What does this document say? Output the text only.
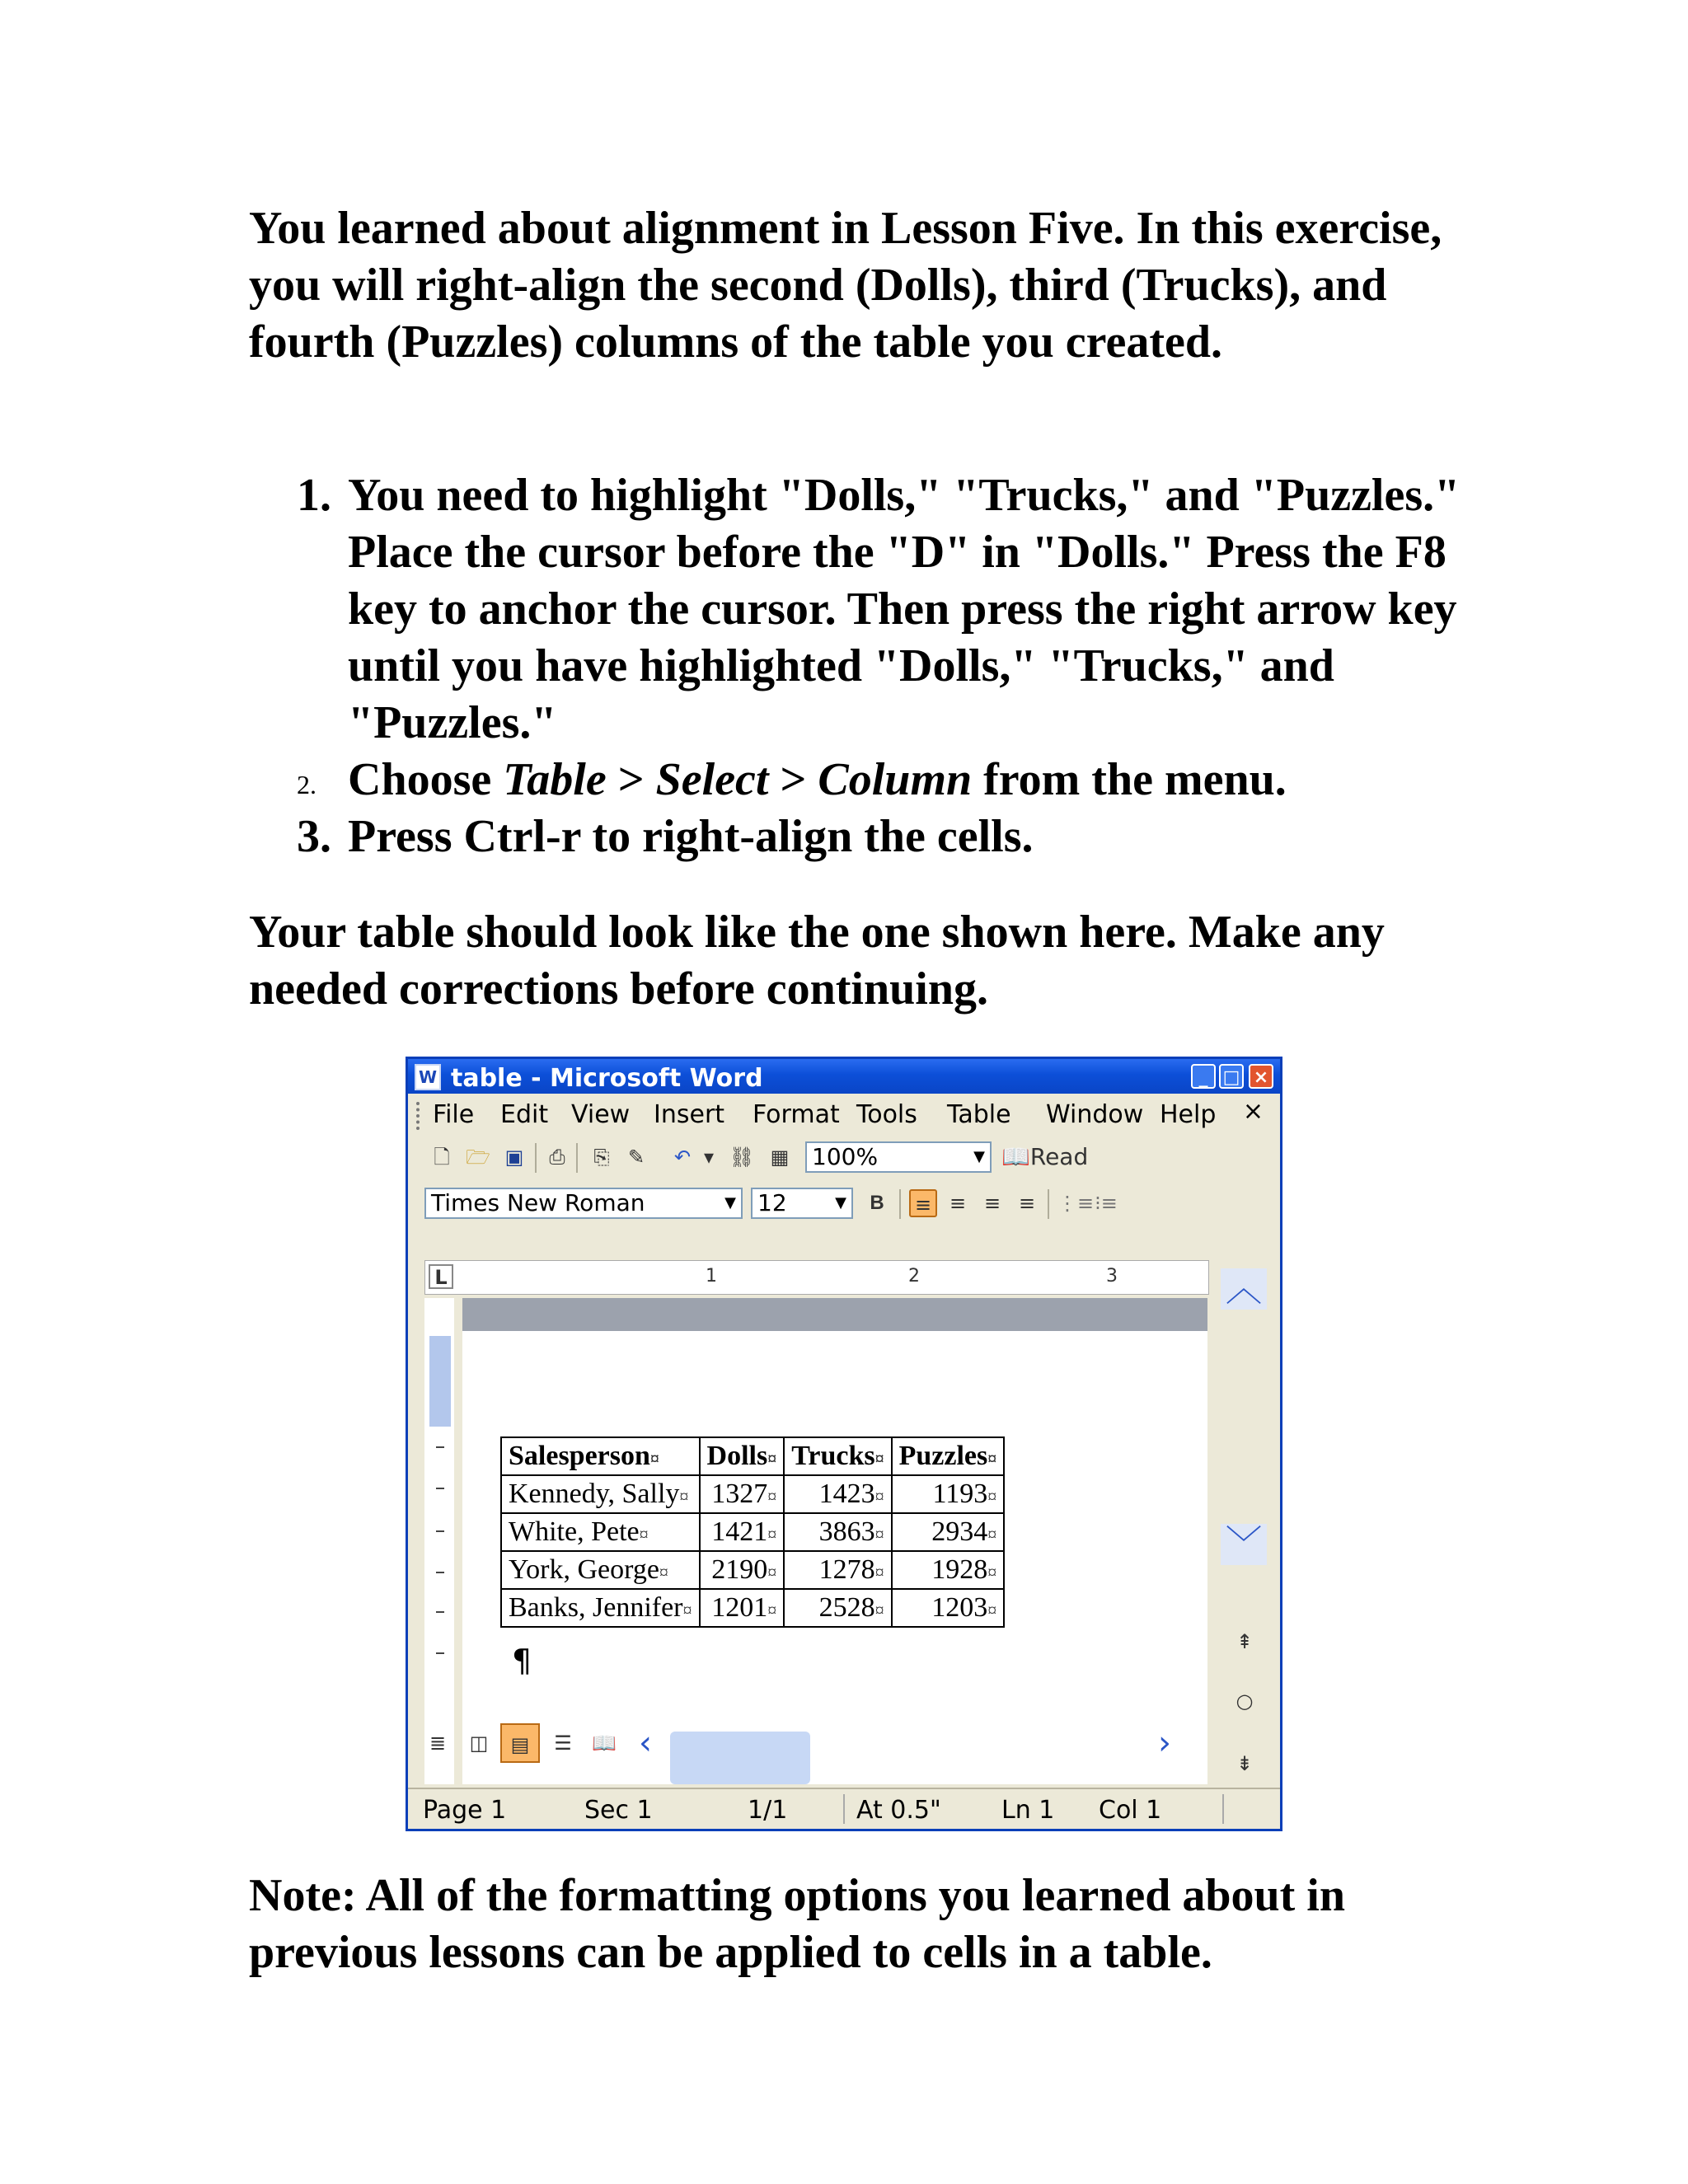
You learned about alignment in Lesson Five. In this exercise, you will right-align the second (Dolls), third (Trucks), and fourth (Puzzles) columns of the table you created.

1. You need to highlight "Dolls," "Trucks," and "Puzzles." Place the cursor before the "D" in "Dolls." Press the F8 key to anchor the cursor. Then press the right arrow key until you have highlighted "Dolls," "Trucks," and "Puzzles."
2. Choose Table > Select > Column from the menu.
3. Press Ctrl-r to right-align the cells.

Your table should look like the one shown here. Make any needed corrections before continuing.

W table - Microsoft Word	_ □ ×
File Edit View Insert Format Tools Table Window Help ×
🗋 🗁 ▣	⎙	⎘ ✎ ↶ ▾ ⛓ ▦ 100%	▼ 📖Read
Times New Roman	▼ 12	▼	B	≡ ≡ ≡ ≡ ⋮≡ ⁝≡
L	1	2	3
Salesperson¤	Dolls¤	Trucks¤	Puzzles¤
Kennedy, Sally¤	1327¤	1423¤	1193¤
White, Pete¤	1421¤	3863¤	2934¤
York, George¤	2190¤	1278¤	1928¤
Banks, Jennifer¤	1201¤	2528¤	1203¤
¶
︿
﹀
⇞
○
⇟
≣	◫	▤	☰	📖 ‹	›
Page 1	Sec 1	1/1	At 0.5" Ln 1 Col 1

Note: All of the formatting options you learned about in previous lessons can be applied to cells in a table.
